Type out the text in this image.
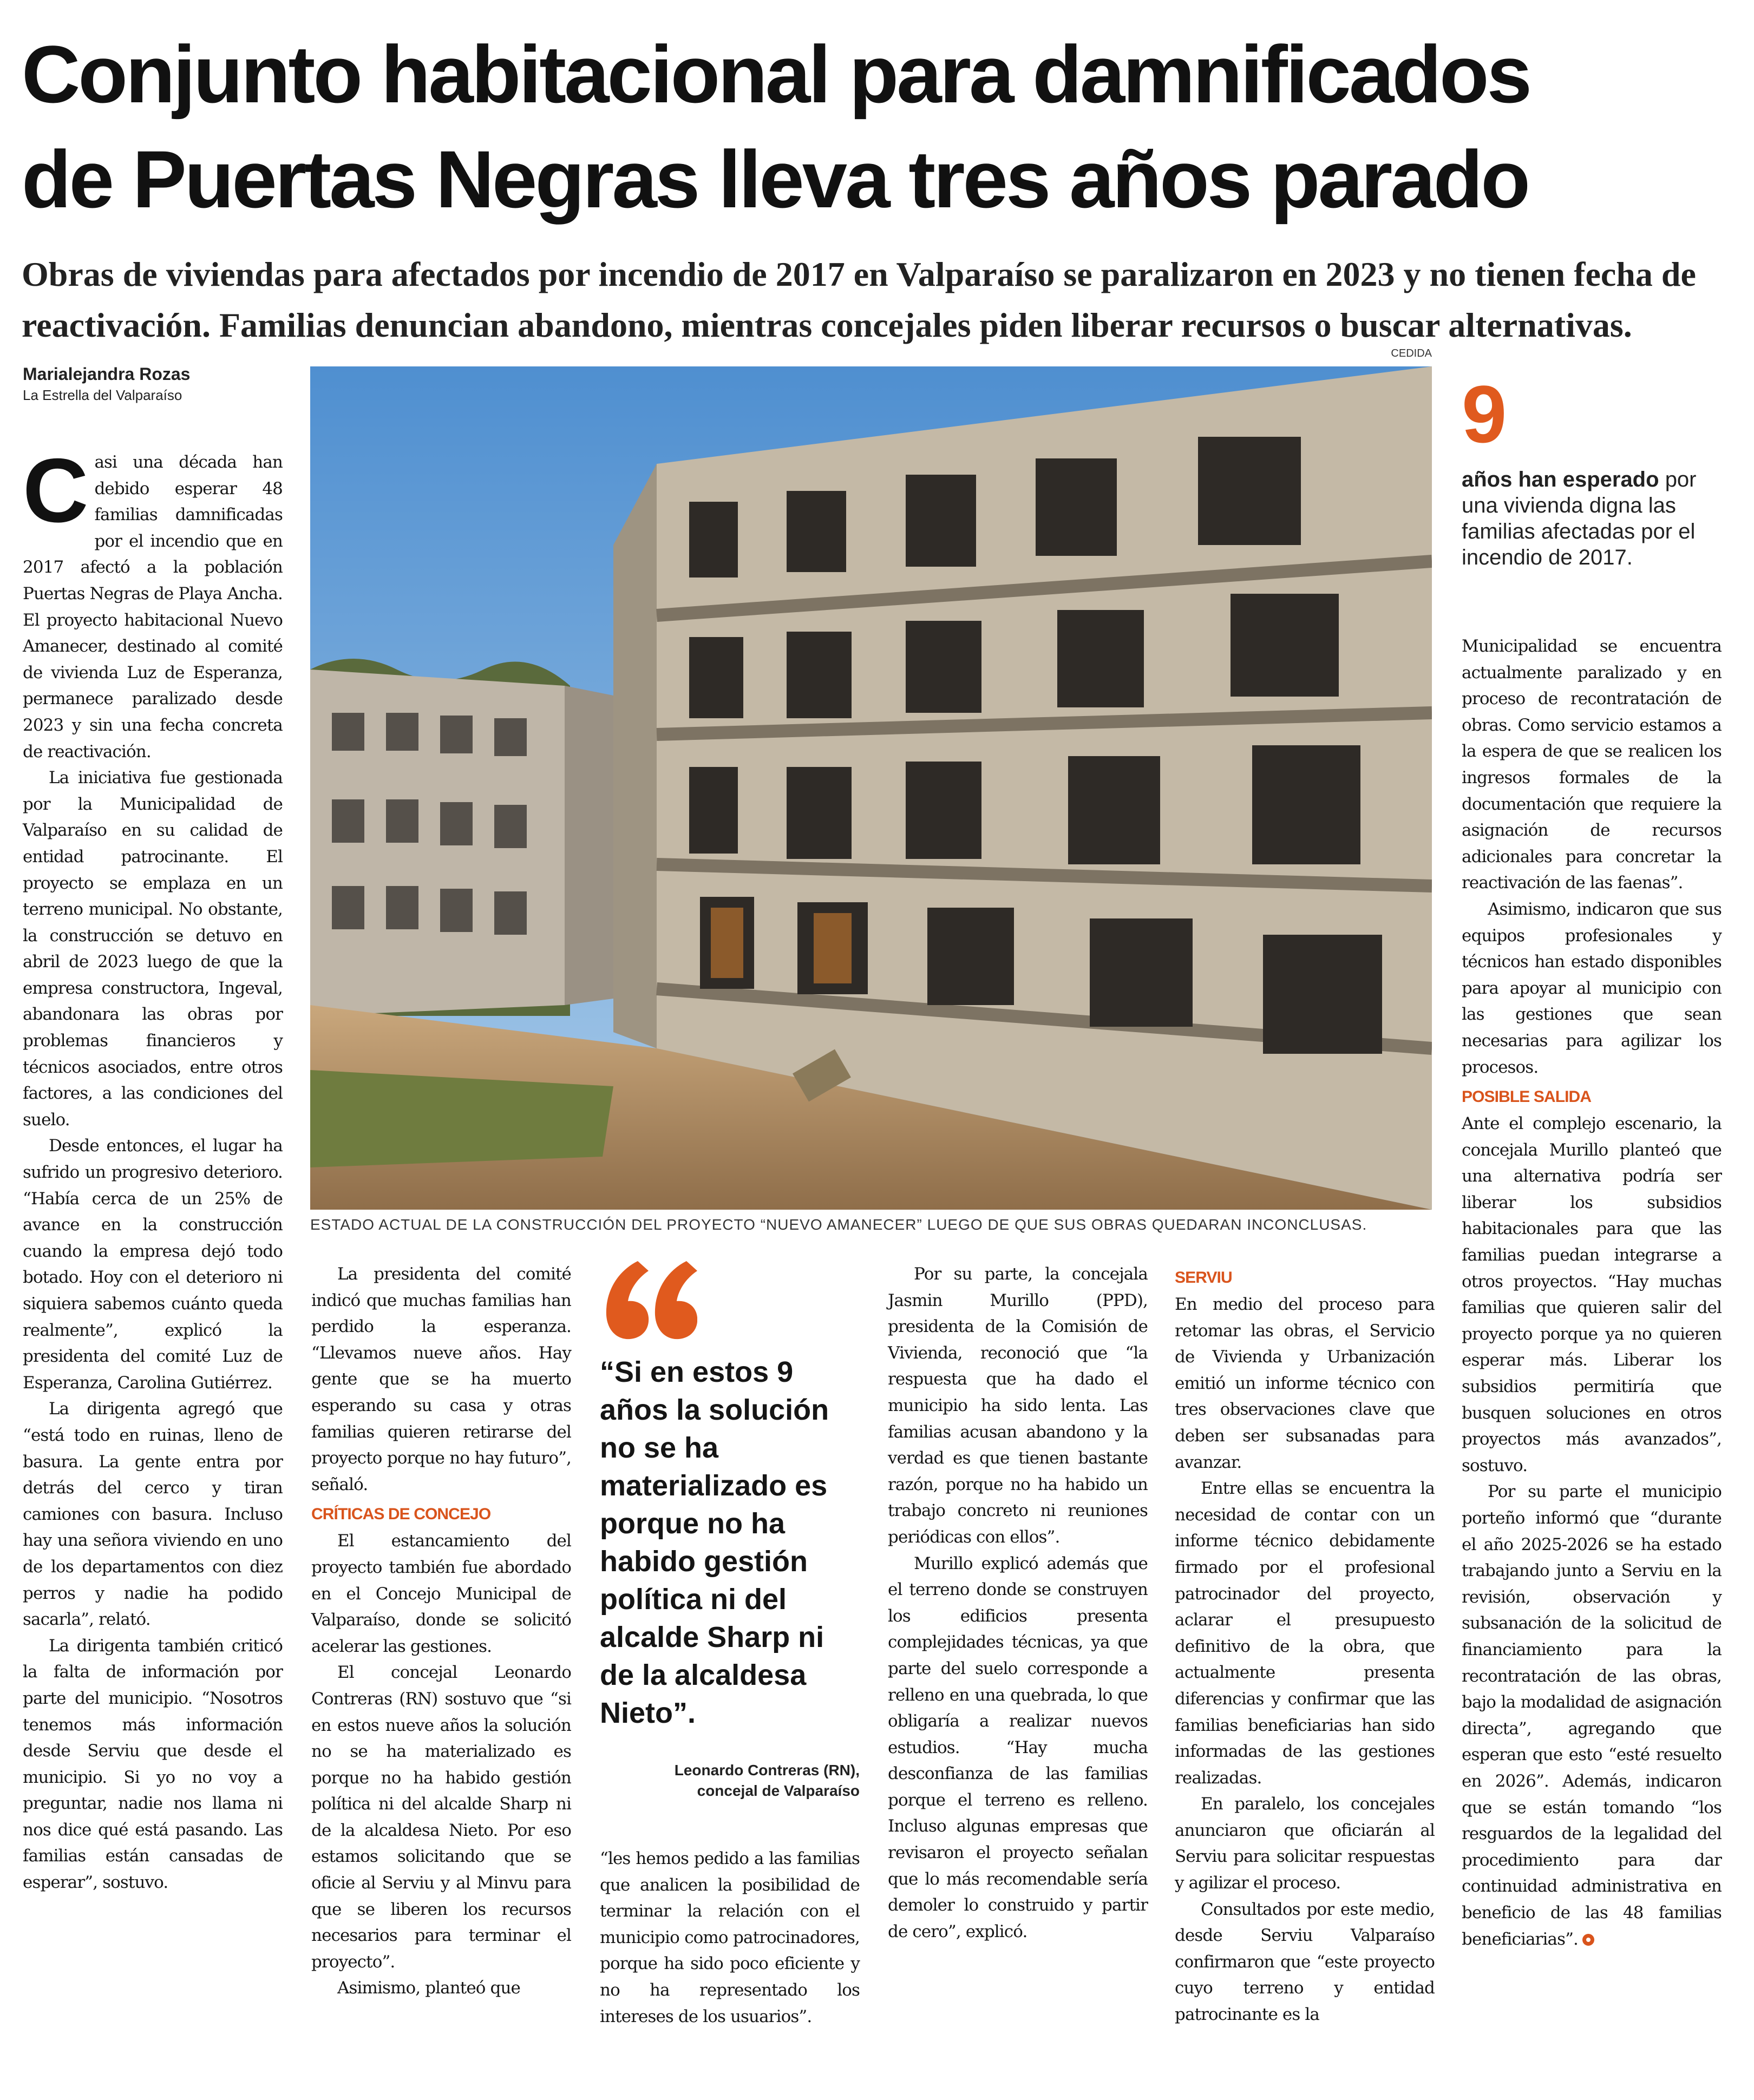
Conjunto habitacional para damnificados
de Puertas Negras lleva tres años parado
Obras de viviendas para afectados por incendio de 2017 en Valparaíso se paralizaron en 2023 y no tienen fecha de reactivación. Familias denuncian abandono, mientras concejales piden liberar recursos o buscar alternativas.
Marialejandra Rozas
La Estrella del Valparaíso
CEDIDA
ESTADO ACTUAL DE LA CONSTRUCCIÓN DEL PROYECTO “NUEVO AMANECER” LUEGO DE QUE SUS OBRAS QUEDARAN INCONCLUSAS.
9
años han esperado por una vivienda digna las familias afectadas por el incendio de 2017.

Casi una década han debido esperar 48 familias damnificadas por el incendio que en 2017 afectó a la población Puertas Negras de Playa Ancha. El proyecto habitacional Nuevo Amanecer, destinado al comité de vivienda Luz de Esperanza, permanece paralizado desde 2023 y sin una fecha concreta de reactivación.

La iniciativa fue gestionada por la Municipalidad de Valparaíso en su calidad de entidad patrocinante. El proyecto se emplaza en un terreno municipal. No obstante, la construcción se detuvo en abril de 2023 luego de que la empresa constructora, Ingeval, abandonara las obras por problemas financieros y técnicos asociados, entre otros factores, a las condiciones del suelo.

Desde entonces, el lugar ha sufrido un progresivo deterioro. “Había cerca de un 25% de avance en la construcción cuando la empresa dejó todo botado. Hoy con el deterioro ni siquiera sabemos cuánto queda realmente”, explicó la presidenta del comité Luz de Esperanza, Carolina Gutiérrez.

La dirigenta agregó que “está todo en ruinas, lleno de basura. La gente entra por detrás del cerco y tiran camiones con basura. Incluso hay una señora viviendo en uno de los departamentos con diez perros y nadie ha podido sacarla”, relató.

La dirigenta también criticó la falta de información por parte del municipio. “Nosotros tenemos más información desde Serviu que desde el municipio. Si yo no voy a preguntar, nadie nos llama ni nos dice qué está pasando. Las familias están cansadas de esperar”, sostuvo.

La presidenta del comité indicó que muchas familias han perdido la esperanza. “Llevamos nueve años. Hay gente que se ha muerto esperando su casa y otras familias quieren retirarse del proyecto porque no hay futuro”, señaló.

CRÍTICAS DE CONCEJO

El estancamiento del proyecto también fue abordado en el Concejo Municipal de Valparaíso, donde se solicitó acelerar las gestiones.

El concejal Leonardo Contreras (RN) sostuvo que “si en estos nueve años la solución no se ha materializado es porque no ha habido gestión política ni del alcalde Sharp ni de la alcaldesa Nieto. Por eso estamos solicitando que se oficie al Serviu y al Minvu para que se liberen los recursos necesarios para terminar el proyecto”.

Asimismo, planteó que

“Si en estos 9 años la solución no se ha materializado es porque no ha habido gestión política ni del alcalde Sharp ni de la alcaldesa Nieto”.
Leonardo Contreras (RN),
concejal de Valparaíso

“les hemos pedido a las familias que analicen la posibilidad de terminar la relación con el municipio como patrocinadores, porque ha sido poco eficiente y no ha representado los intereses de los usuarios”.

Por su parte, la concejala Jasmin Murillo (PPD), presidenta de la Comisión de Vivienda, reconoció que “la respuesta que ha dado el municipio ha sido lenta. Las familias acusan abandono y la verdad es que tienen bastante razón, porque no ha habido un trabajo concreto ni reuniones periódicas con ellos”.

Murillo explicó además que el terreno donde se construyen los edificios presenta complejidades técnicas, ya que parte del suelo corresponde a relleno en una quebrada, lo que obligaría a realizar nuevos estudios. “Hay mucha desconfianza de las familias porque el terreno es relleno. Incluso algunas empresas que revisaron el proyecto señalan que lo más recomendable sería demoler lo construido y partir de cero”, explicó.

SERVIU

En medio del proceso para retomar las obras, el Servicio de Vivienda y Urbanización emitió un informe técnico con tres observaciones clave que deben ser subsanadas para avanzar.

Entre ellas se encuentra la necesidad de contar con un informe técnico debidamente firmado por el profesional patrocinador del proyecto, aclarar el presupuesto definitivo de la obra, que actualmente presenta diferencias y confirmar que las familias beneficiarias han sido informadas de las gestiones realizadas.

En paralelo, los concejales anunciaron que oficiarán al Serviu para solicitar respuestas y agilizar el proceso.

Consultados por este medio, desde Serviu Valparaíso confirmaron que “este proyecto cuyo terreno y entidad patrocinante es la

Municipalidad se encuentra actualmente paralizado y en proceso de recontratación de obras. Como servicio estamos a la espera de que se realicen los ingresos formales de la documentación que requiere la asignación de recursos adicionales para concretar la reactivación de las faenas”.

Asimismo, indicaron que sus equipos profesionales y técnicos han estado disponibles para apoyar al municipio con las gestiones que sean necesarias para agilizar los procesos.

POSIBLE SALIDA

Ante el complejo escenario, la concejala Murillo planteó que una alternativa podría ser liberar los subsidios habitacionales para que las familias puedan integrarse a otros proyectos. “Hay muchas familias que quieren salir del proyecto porque ya no quieren esperar más. Liberar los subsidios permitiría que busquen soluciones en otros proyectos más avanzados”, sostuvo.

Por su parte el municipio porteño informó que “durante el año 2025-2026 se ha estado trabajando junto a Serviu en la revisión, observación y subsanación de la solicitud de financiamiento para la recontratación de las obras, bajo la modalidad de asignación directa”, agregando que esperan que esto “esté resuelto en 2026”. Además, indicaron que se están tomando “los resguardos de la legalidad del procedimiento para dar continuidad administrativa en beneficio de las 48 familias beneficiarias”.
